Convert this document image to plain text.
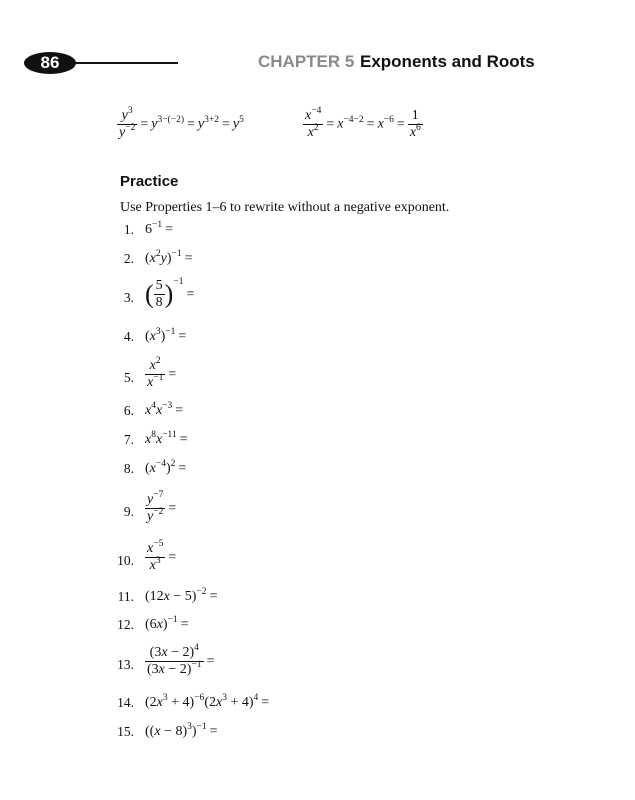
86	CHAPTER 5 Exponents and Roots
$\frac{y^3}{y^{-2}} = y^{3-(-2)} = y^{3+2} = y^5$	$\frac{x^{-4}}{x^2} = x^{-4-2} = x^{-6} = \frac{1}{x^6}$
Practice
Use Properties 1–6 to rewrite without a negative exponent.
1. $6^{-1}$ =
2. $(x^2y)^{-1}$ =
3. ( $\frac{5}{8} )^{-1}=$
4. $(x^3)^{-1}$ =
5. $\frac{x^2}{x^{-1}}$ =
6. $x^4x^{-3}$ =
7. $x^8x^{-11}$ =
8. $(x^{-4})^2$ =
9. $\frac{y^{-7}}{y^{-2}}$ =
10. $\frac{x^{-5}}{x^3}$ =
11. $(12x - 5)^{-2}$ =
12. $(6x)^{-1}$ =
13. $\frac{(3x - 2)^4}{(3x - 2)^{-1}}$ =
14. $(2x^3 + 4)^{-6}(2x^3 + 4)^4$ =
15. $((x - 8)^3)^{-1}$ =
